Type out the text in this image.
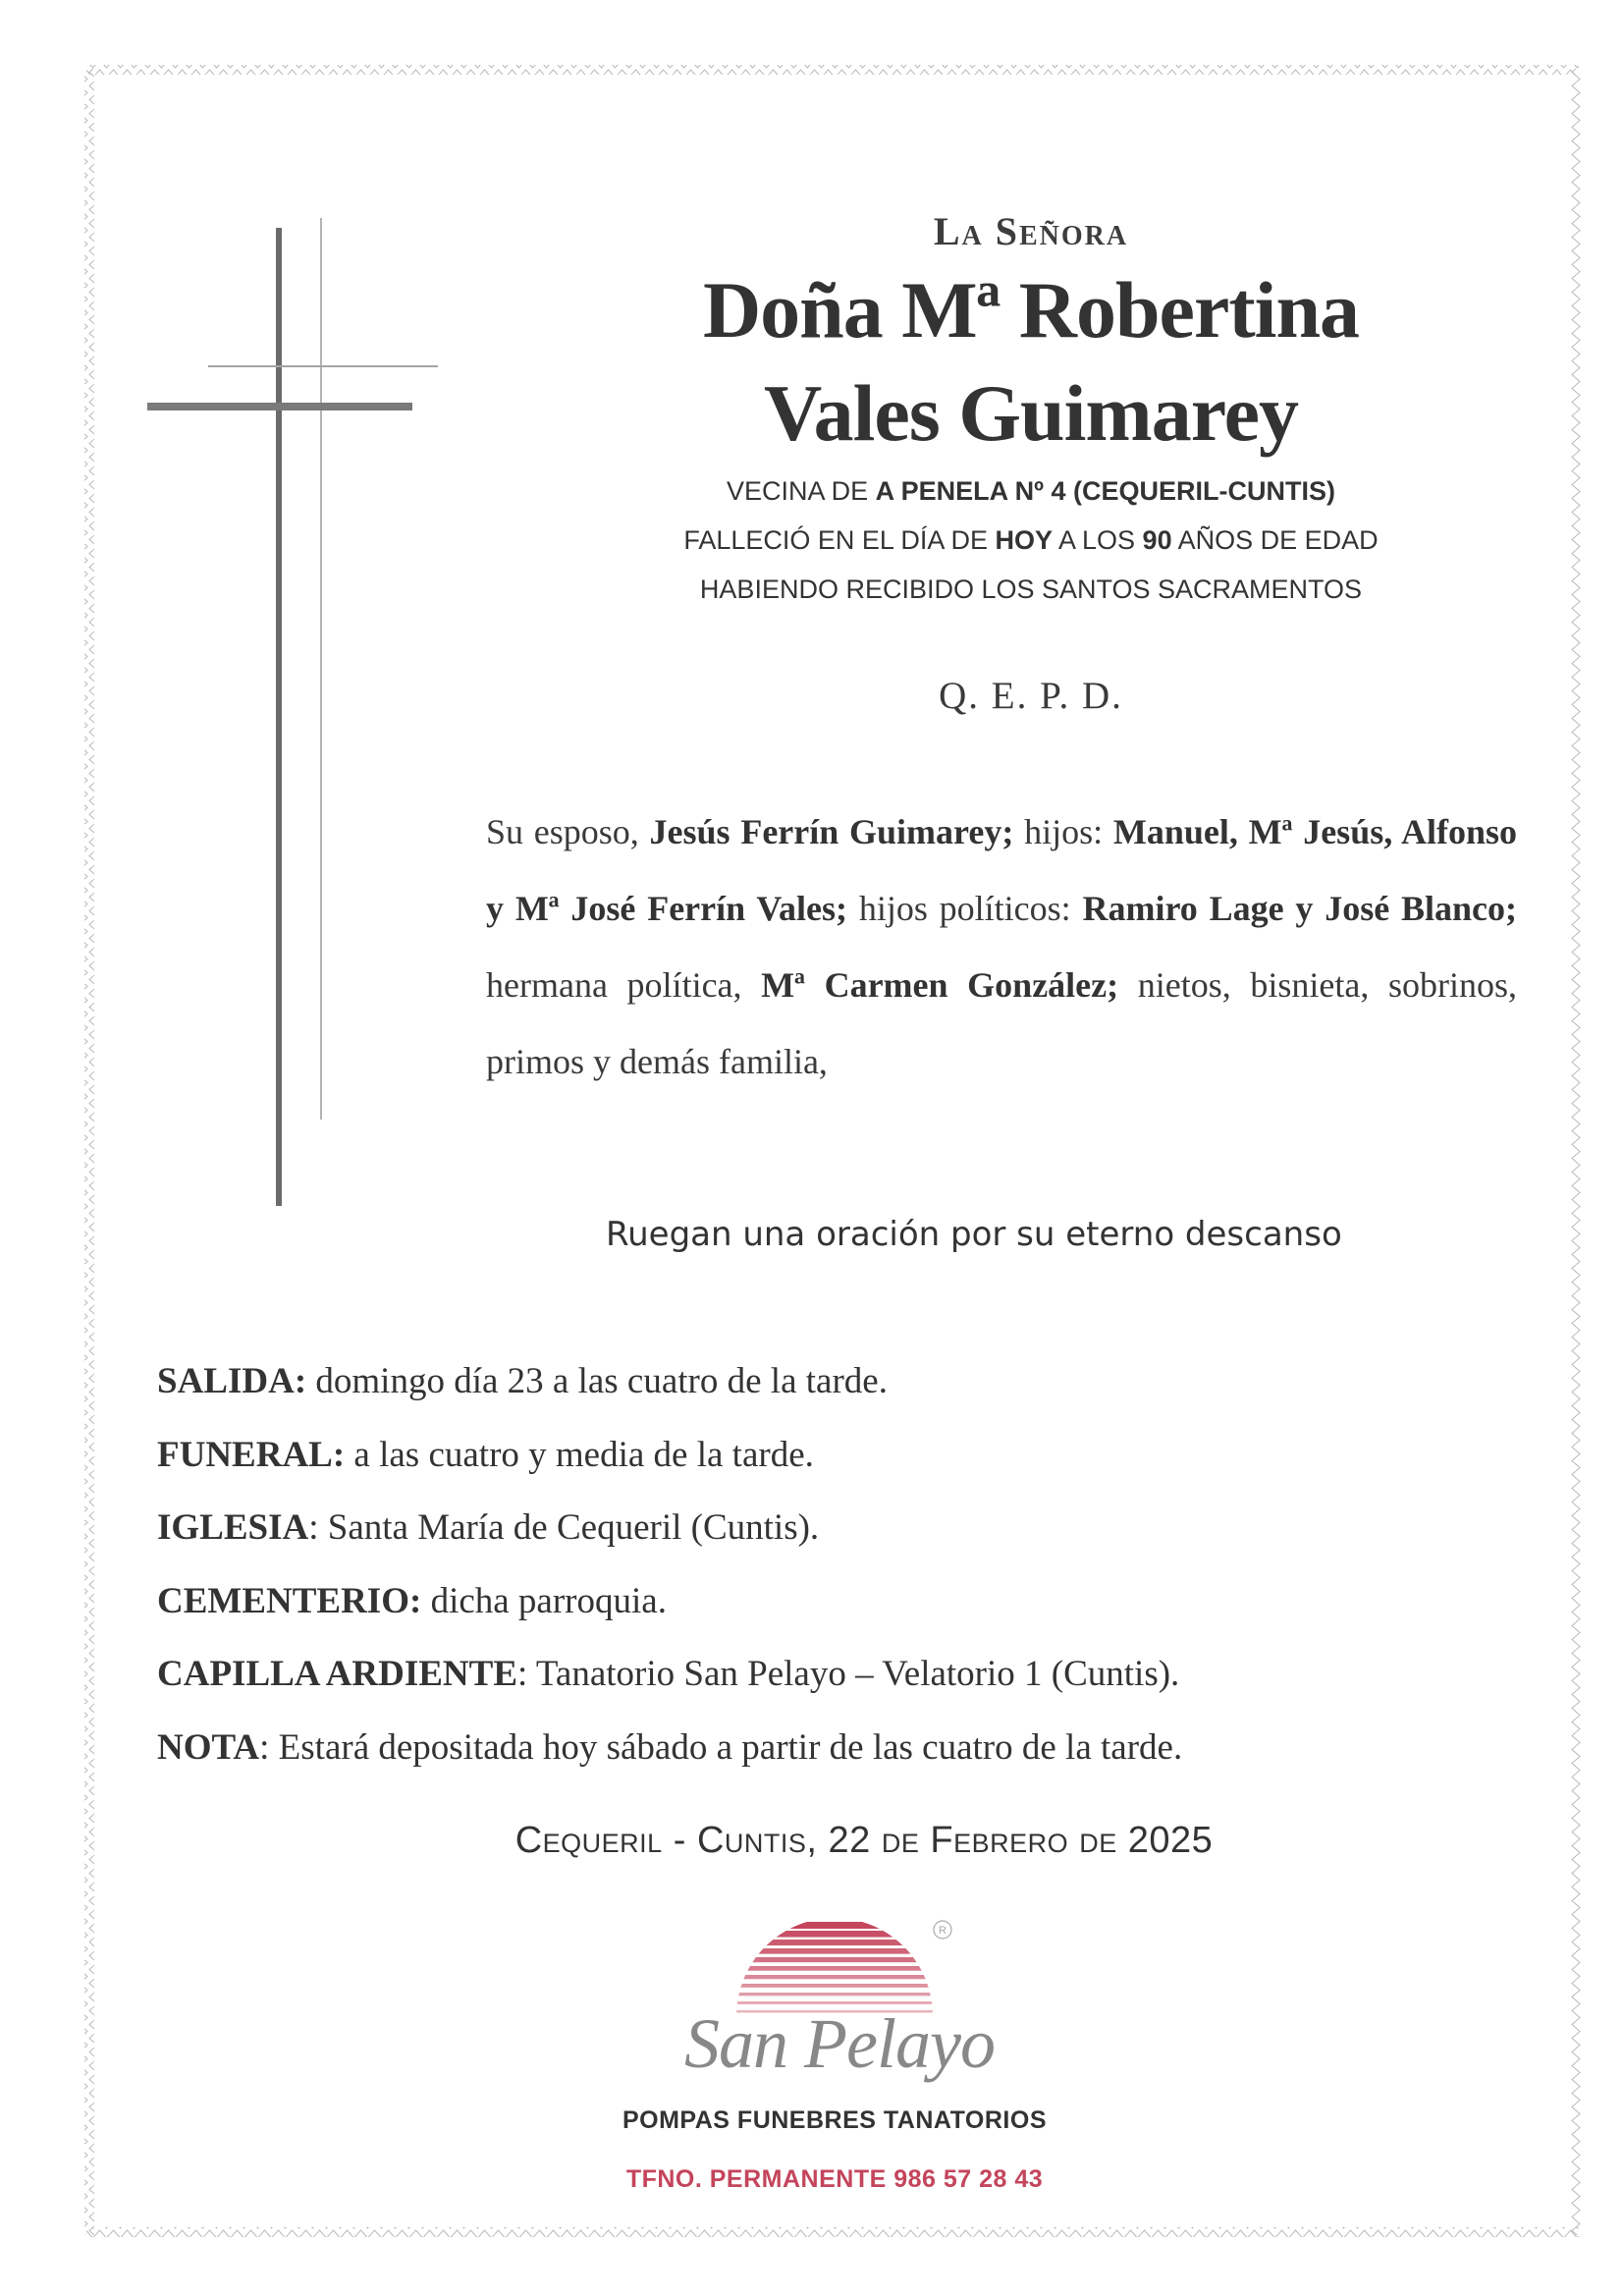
La Señora
Doña Mª Robertina
Vales Guimarey
VECINA DE A PENELA Nº 4 (CEQUERIL-CUNTIS)
FALLECIÓ EN EL DÍA DE HOY A LOS 90 AÑOS DE EDAD
HABIENDO RECIBIDO LOS SANTOS SACRAMENTOS
Q. E. P. D.
Su esposo, Jesús Ferrín Guimarey; hijos: Manuel, Mª Jesús, Alfonso y Mª José Ferrín Vales; hijos políticos: Ramiro Lage y José Blanco; hermana política, Mª Carmen González; nietos, bisnieta, sobrinos, primos y demás familia,
Ruegan una oración por su eterno descanso
SALIDA: domingo día 23 a las cuatro de la tarde.
FUNERAL: a las cuatro y media de la tarde.
IGLESIA: Santa María de Cequeril (Cuntis).
CEMENTERIO: dicha parroquia.
CAPILLA ARDIENTE: Tanatorio San Pelayo – Velatorio 1 (Cuntis).
NOTA: Estará depositada hoy sábado a partir de las cuatro de la tarde.
Cequeril - Cuntis, 22 de Febrero de 2025
R
San Pelayo
POMPAS FUNEBRES TANATORIOS
TFNO. PERMANENTE 986 57 28 43
